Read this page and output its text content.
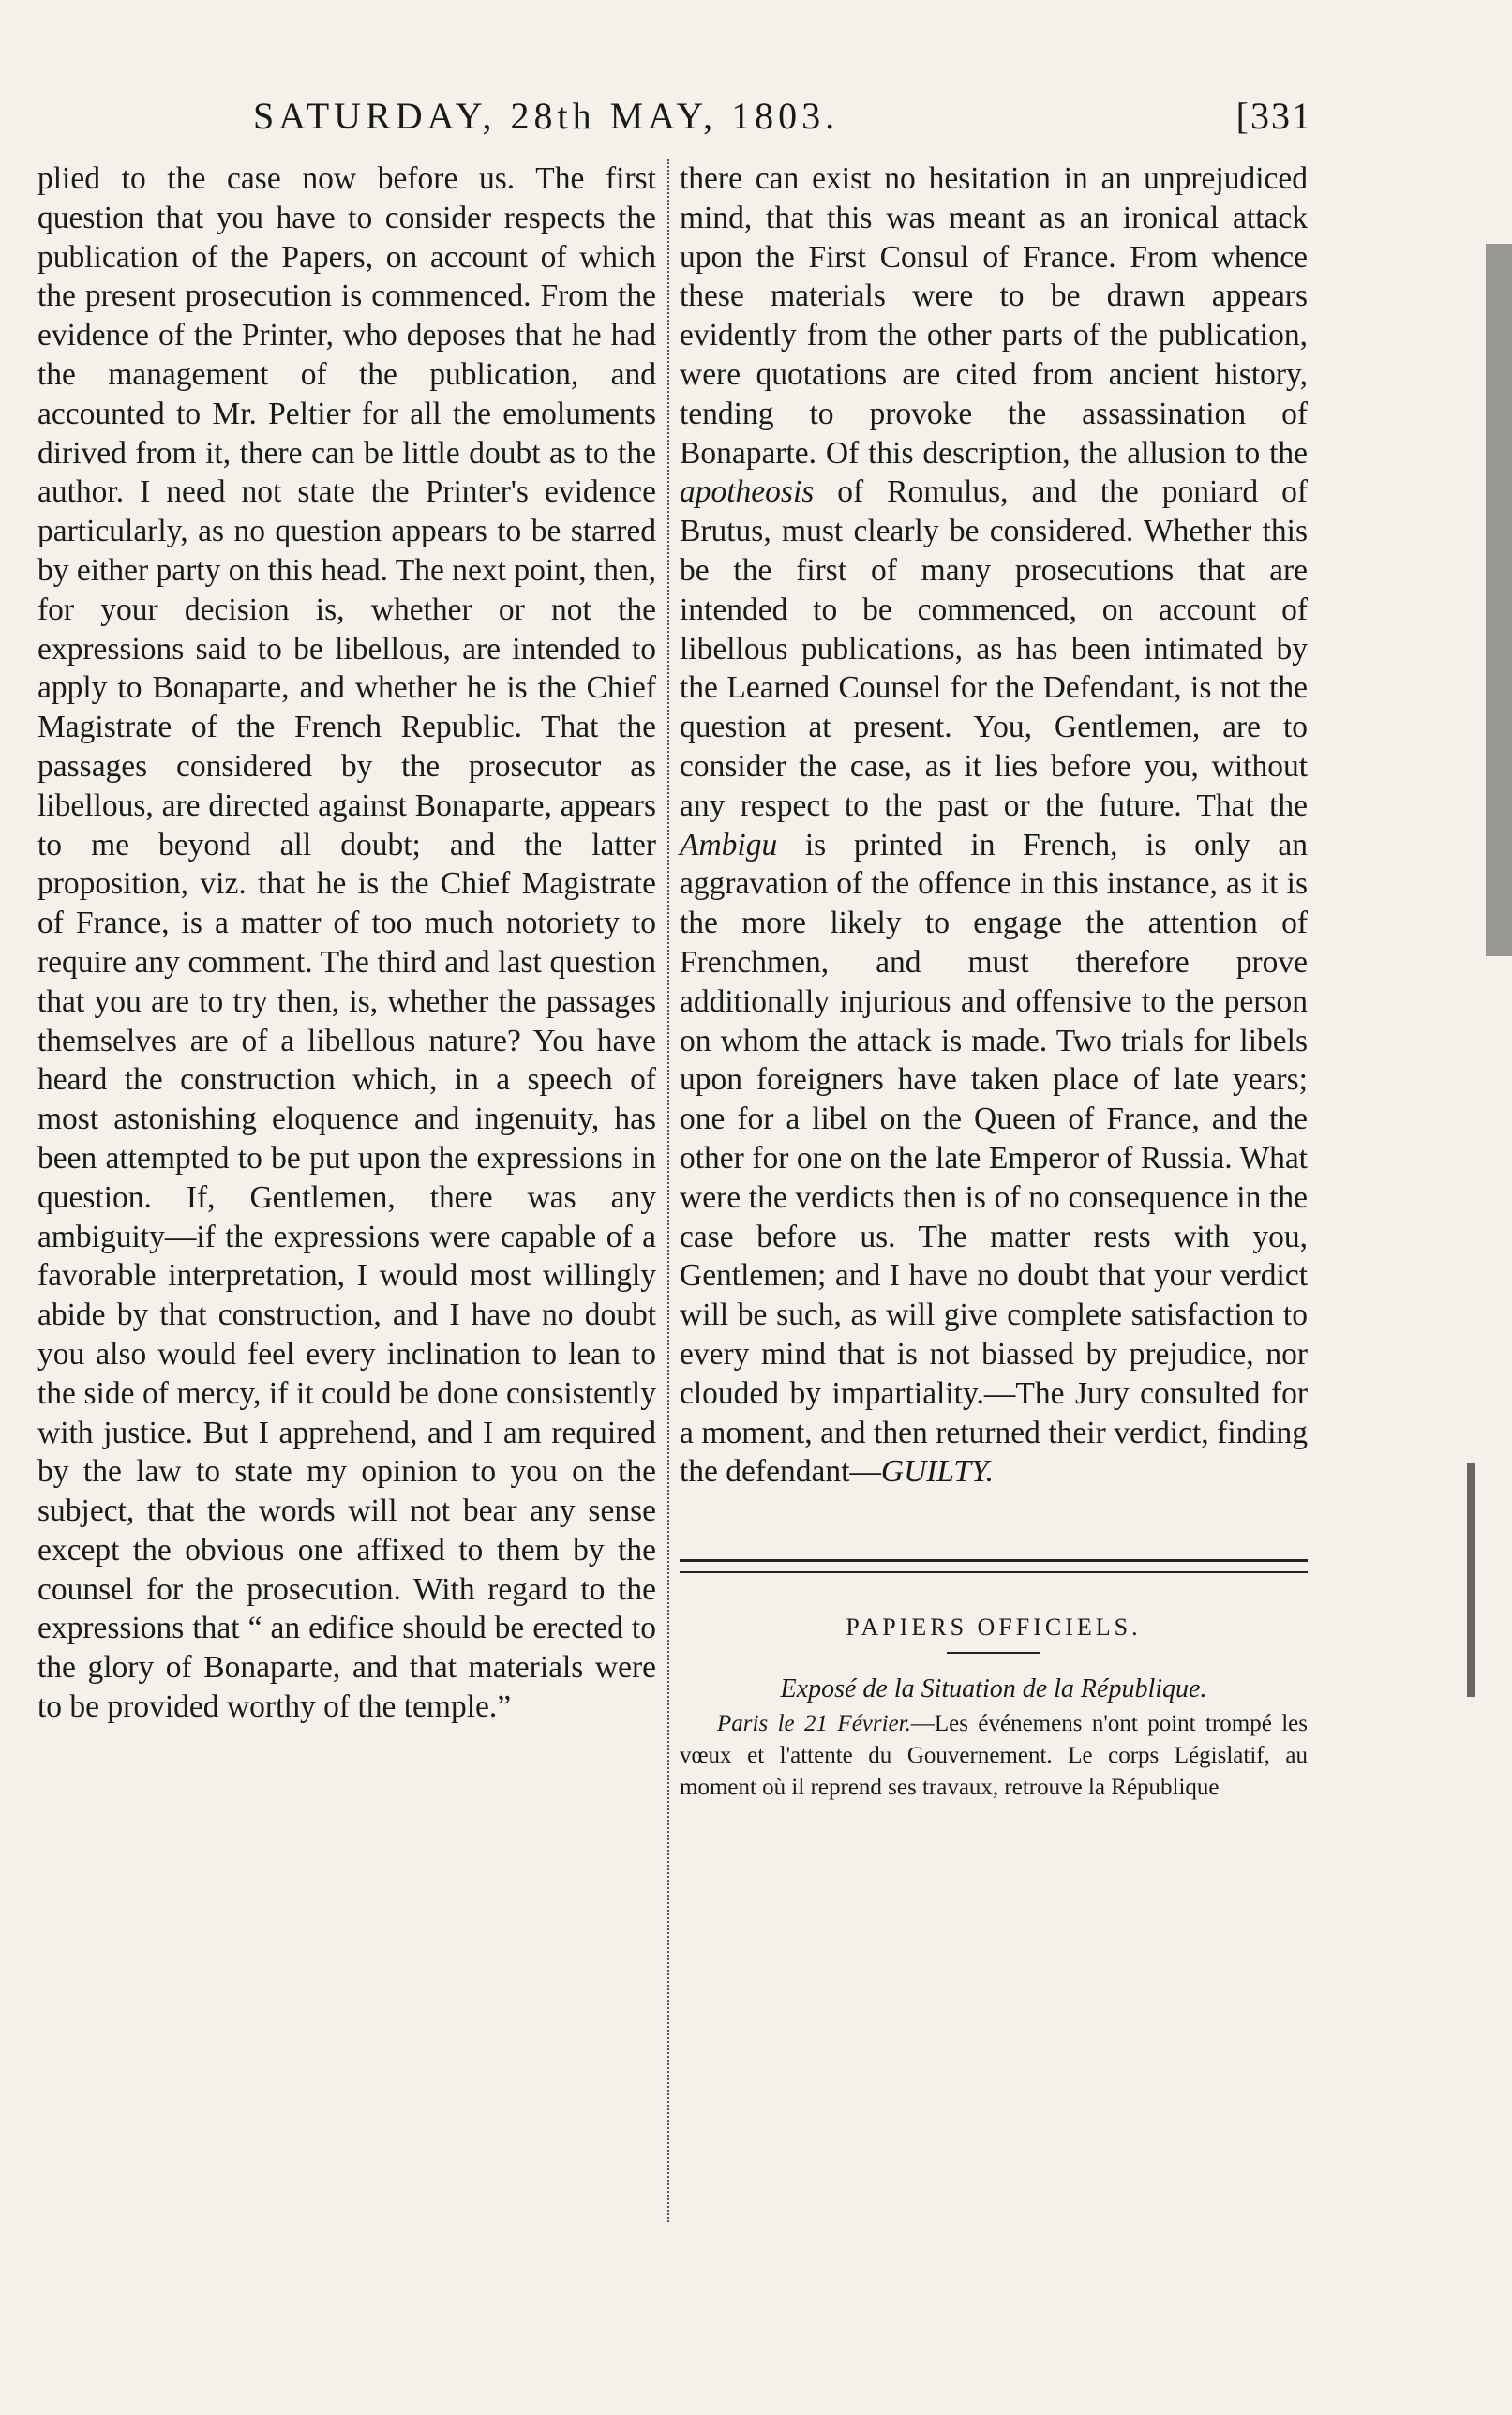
SATURDAY, 28th MAY, 1803.	[331

plied to the case now before us. The first question that you have to consider respects the publication of the Papers, on account of which the present prosecution is commenced. From the evidence of the Printer, who deposes that he had the management of the publication, and accounted to Mr. Peltier for all the emoluments dirived from it, there can be little doubt as to the author. I need not state the Printer's evidence particularly, as no question appears to be starred by either party on this head. The next point, then, for your decision is, whether or not the expressions said to be libellous, are intended to apply to Bonaparte, and whether he is the Chief Magistrate of the French Republic. That the passages considered by the prosecutor as libellous, are directed against Bonaparte, appears to me beyond all doubt; and the latter proposition, viz. that he is the Chief Magistrate of France, is a matter of too much notoriety to require any comment. The third and last question that you are to try then, is, whether the passages themselves are of a libellous nature? You have heard the construction which, in a speech of most astonishing eloquence and ingenuity, has been attempted to be put upon the expressions in question. If, Gentlemen, there was any ambiguity—if the expressions were capable of a favorable interpretation, I would most willingly abide by that construction, and I have no doubt you also would feel every inclination to lean to the side of mercy, if it could be done consistently with justice. But I apprehend, and I am required by the law to state my opinion to you on the subject, that the words will not bear any sense except the obvious one affixed to them by the counsel for the prosecution. With regard to the expressions that “ an edifice should be erected to the glory of Bonaparte, and that materials were to be provided worthy of the temple.”

there can exist no hesitation in an unprejudiced mind, that this was meant as an ironical attack upon the First Consul of France. From whence these materials were to be drawn appears evidently from the other parts of the publication, were quotations are cited from ancient history, tending to provoke the assassination of Bonaparte. Of this description, the allusion to the apotheosis of Romulus, and the poniard of Brutus, must clearly be considered. Whether this be the first of many prosecutions that are intended to be commenced, on account of libellous publications, as has been intimated by the Learned Counsel for the Defendant, is not the question at present. You, Gentlemen, are to consider the case, as it lies before you, without any respect to the past or the future. That the Ambigu is printed in French, is only an aggravation of the offence in this instance, as it is the more likely to engage the attention of Frenchmen, and must therefore prove additionally injurious and offensive to the person on whom the attack is made. Two trials for libels upon foreigners have taken place of late years; one for a libel on the Queen of France, and the other for one on the late Emperor of Russia. What were the verdicts then is of no consequence in the case before us. The matter rests with you, Gentlemen; and I have no doubt that your verdict will be such, as will give complete satisfaction to every mind that is not biassed by prejudice, nor clouded by impartiality.—The Jury consulted for a moment, and then returned their verdict, finding the defendant—GUILTY.

PAPIERS OFFICIELS.
Exposé de la Situation de la République.

Paris le 21 Février.—Les événemens n'ont point trompé les vœux et l'attente du Gouvernement. Le corps Législatif, au moment où il reprend ses travaux, retrouve la République
